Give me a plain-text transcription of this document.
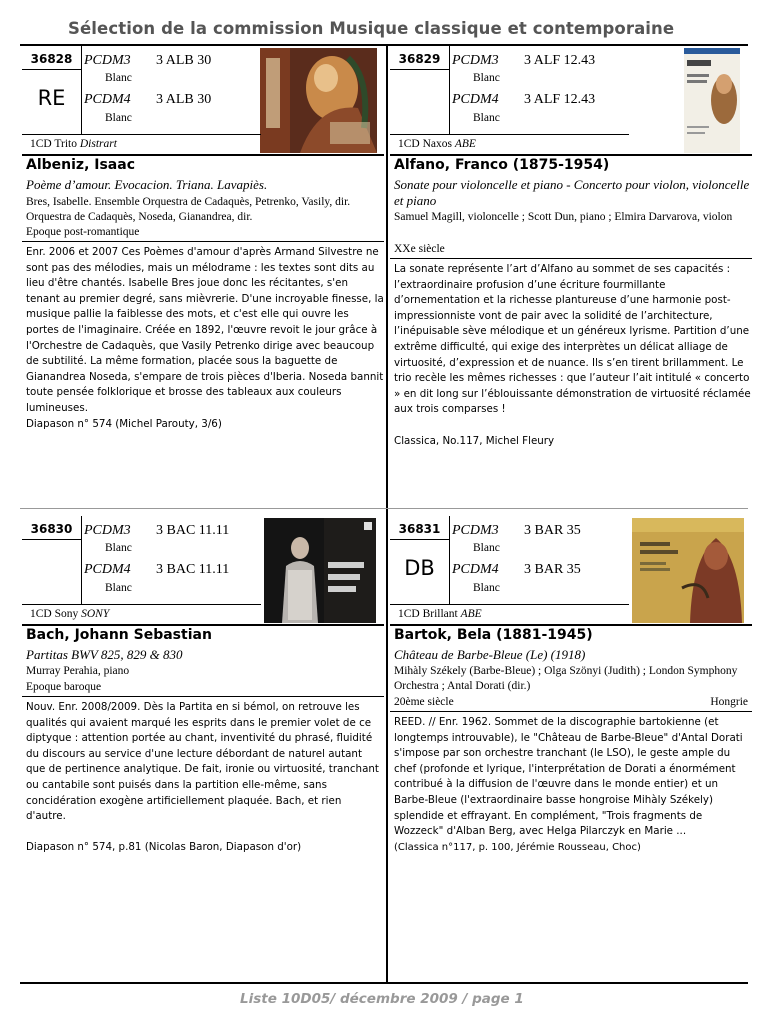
Sélection de la commission Musique classique et contemporaine
36828
RE
PCDM3 3 ALB 30
Blanc
PCDM4 3 ALB 30
Blanc
1CD Trito Distrart
Albeniz, Isaac
Poème d’amour. Evocacion. Triana. Lavapiès.
Bres, Isabelle. Ensemble Orquestra de Cadaquès, Petrenko, Vasily, dir. Orquestra de Cadaquès, Noseda, Gianandrea, dir.
Epoque post-romantique

Enr. 2006 et 2007 Ces Poèmes d'amour d'après Armand Silvestre ne sont pas des mélodies, mais un mélodrame : les textes sont dits au lieu d'être chantés. Isabelle Bres joue donc les récitantes, s'en tenant au premier degré, sans mièvrerie. D'une incroyable finesse, la musique pallie la faiblesse des mots, et c'est elle qui ouvre les portes de l'imaginaire. Créée en 1892, l'œuvre revoit le jour grâce à l'Orchestre de Cadaquès, que Vasily Petrenko dirige avec beaucoup de subtilité. La même formation, placée sous la baguette de Gianandrea Noseda, s'empare de trois pièces d'Iberia. Noseda bannit toute pensée folklorique et brosse des tableaux aux couleurs lumineuses.

Diapason n° 574 (Michel Parouty, 3/6)

36829 PCDM3 3 ALF 12.43
Blanc
PCDM4 3 ALF 12.43
Blanc
1CD Naxos ABE
Alfano, Franco (1875-1954)
Sonate pour violoncelle et piano - Concerto pour violon, violoncelle et piano
Samuel Magill, violoncelle ; Scott Dun, piano ; Elmira Darvarova, violon
XXe siècle

La sonate représente l’art d’Alfano au sommet de ses capacités : l’extraordinaire profusion d’une écriture fourmillante d’ornementation et la richesse plantureuse d’une harmonie post-impressionniste vont de pair avec la solidité de l’architecture, l’inépuisable sève mélodique et un généreux lyrisme. Partition d’une extrême difficulté, qui exige des interprètes un délicat alliage de virtuosité, d’expression et de nuance. Ils s’en tirent brillamment. Le trio recèle les mêmes richesses : que l’auteur l’ait intitulé « concerto » en dit long sur l’éblouissante démonstration de virtuosité réclamée aux trois comparses !

Classica, No.117, Michel Fleury

36830 PCDM3 3 BAC 11.11
Blanc
PCDM4 3 BAC 11.11
Blanc
1CD Sony SONY
Bach, Johann Sebastian
Partitas BWV 825, 829 & 830
Murray Perahia, piano
Epoque baroque

Nouv. Enr. 2008/2009. Dès la Partita en si bémol, on retrouve les qualités qui avaient marqué les esprits dans le premier volet de ce diptyque : attention portée au chant, inventivité du phrasé, fluidité du discours au service d'une lecture débordant de naturel autant que de pertinence analytique. De fait, ironie ou virtuosité, tranchant ou cantabile sont puisés dans la partition elle-même, sans concidération exogène artificiellement plaquée. Bach, et rien d'autre.

Diapason n° 574, p.81 (Nicolas Baron, Diapason d'or)

36831
DB
PCDM3 3 BAR 35
Blanc
PCDM4 3 BAR 35
Blanc
1CD Brillant ABE
Bartok, Bela (1881-1945)
Château de Barbe-Bleue (Le) (1918)
Mihàly Székely (Barbe-Bleue) ; Olga Szönyi (Judith) ; London Symphony Orchestra ; Antal Dorati (dir.)
20ème siècle	Hongrie

REED. // Enr. 1962. Sommet de la discographie bartokienne (et longtemps introuvable), le "Château de Barbe-Bleue" d'Antal Dorati s'impose par son orchestre tranchant (le LSO), le geste ample du chef (profonde et lyrique, l'interprétation de Dorati a énormément contribué à la diffusion de l'œuvre dans le monde entier) et un Barbe-Bleue (l'extraordinaire basse hongroise Mihàly Székely) splendide et effrayant. En complément, "Trois fragments de Wozzeck" d'Alban Berg, avec Helga Pilarczyk en Marie ...

(Classica n°117, p. 100, Jérémie Rousseau, Choc)

Liste 10D05/ décembre 2009 / page 1
